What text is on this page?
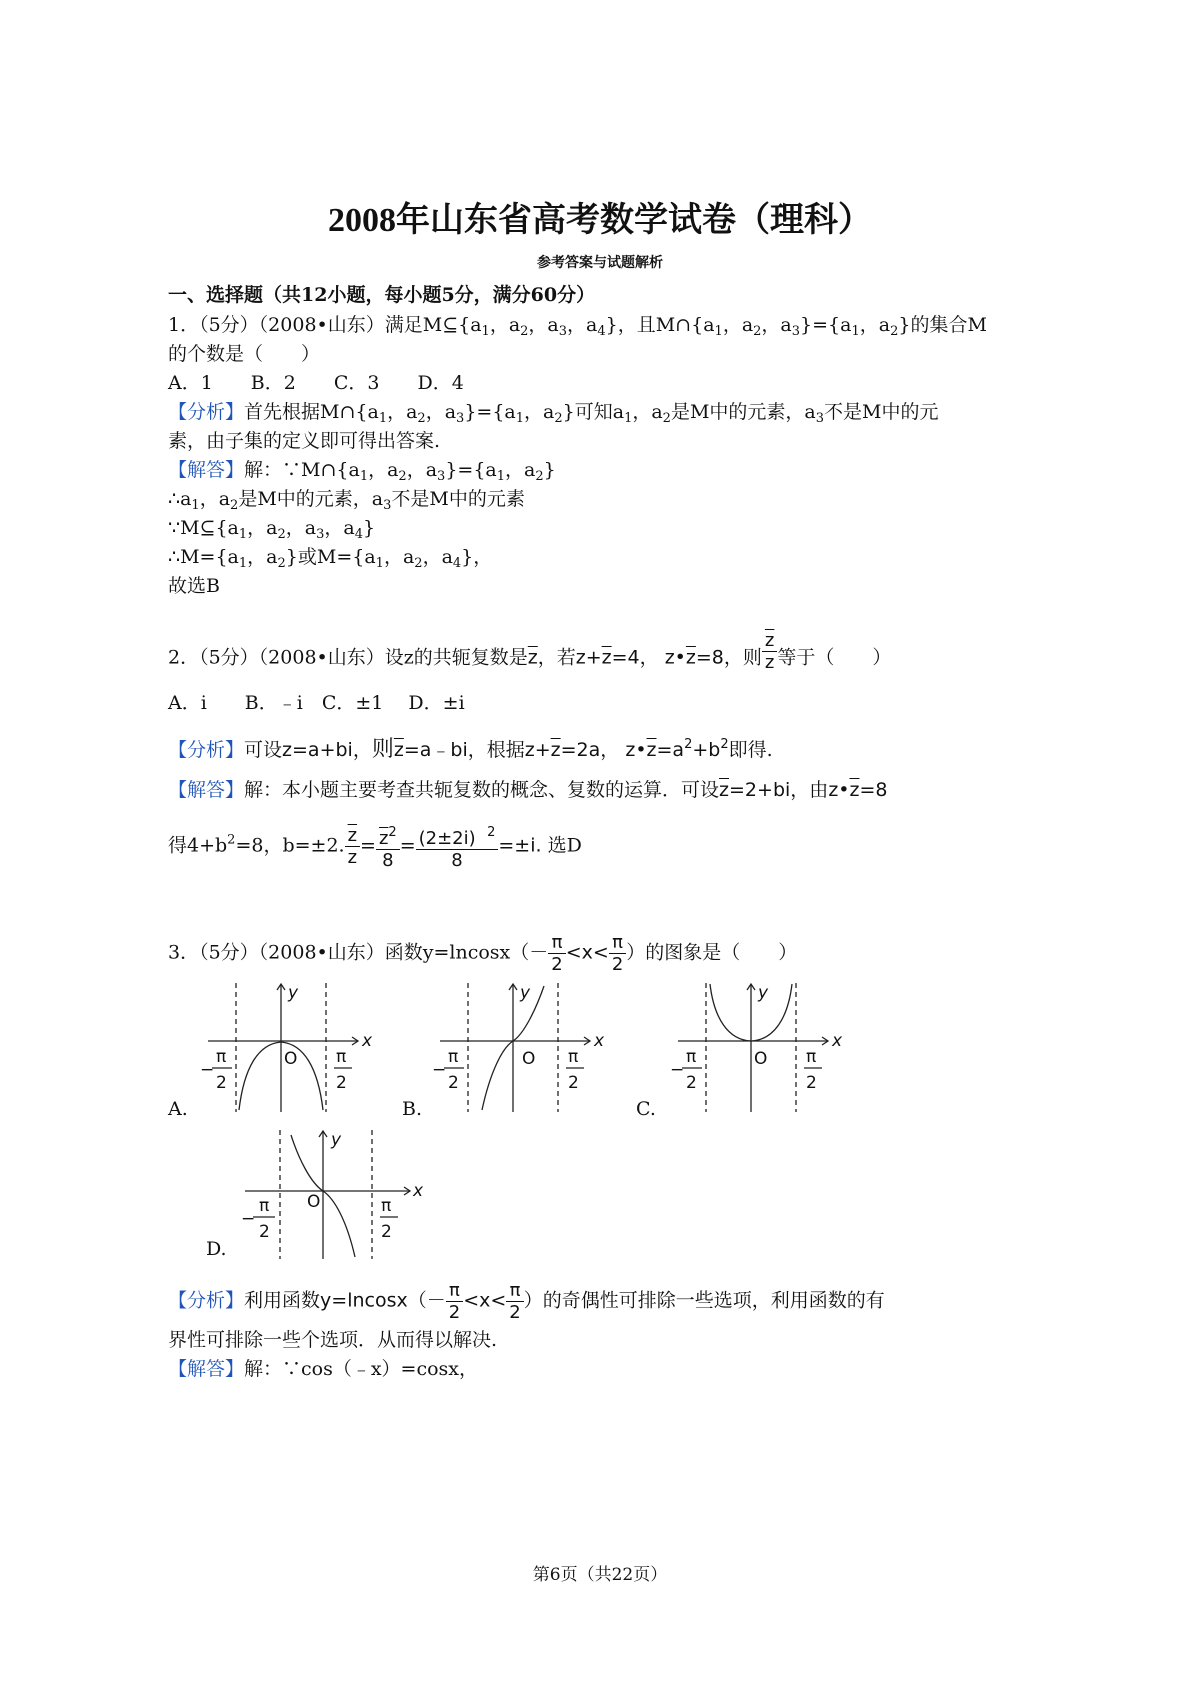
2008年山东省高考数学试卷（理科）
参考答案与试题解析
一、选择题（共12小题，每小题5分，满分60分）
1．（5分）（2008•山东）满足$M⊆\{a_1$，$a_2$，$a_3$，$a_4$}，且$M\cap\{a_1$，$a_2$，$a_3\}=\{a_1$，$a_2$}的集合M
的个数是（　　）
A．1　　B．2　　C．3　　D．4
【分析】首先根据$M\cap\{a_1$，$a_2$，$a_3\}=\{a_1$，$a_2$}可知$a_1$，$a_2$是M中的元素，$a_3$不是M中的元
素，由子集的定义即可得出答案.
【解答】解：$\because M\cap\{a_1$，$a_2$，$a_3\}=\{a_1$，$a_2$}
$\therefore a_1$，$a_2$是M中的元素，$a_3$不是M中的元素
$\because M⊆\{a_1$，$a_2$，$a_3$，$a_4$}
$\therefore M=\{a_1$，$a_2$}或$M=\{a_1$，$a_2$，$a_4$}，
故选B
2．（5分）（2008•山东）设z的共轭复数是$\overline{z}$，若$z+\overline{z}=4$， $z•\overline{z}=8$，则 $\frac{\overline{z}}{z}$ 等于（　　）
A．i　　B．﹣i　C．±1　 D．±i
【分析】可设z=a+bi，则$\overline{z}=a﹣bi$，根据$z+\overline{z}=2a$， $z•\overline{z}=a^2+b^2$即得.
【解答】解：本小题主要考查共轭复数的概念、复数的运算．可设$\overline{z}=2+bi$，由$z•\overline{z}=8$
得$4+b^2=8$，b=±2. $\frac{\overline{z}}{z} = \frac{\overline{z}^2}{8} = \frac{(2\pm 2i) ^2}{8} =\pm i$. 选D
3．（5分）（2008•山东）函数$y=lncosx(- \frac{\pi}{2} <x< \frac{\pi}{2}$ ）的图象是（　　）
x
y
O
π
2
−
π
2
A.
x
y
O
π
2
−
π
2
B.
x
y
O
π
2
−
π
2
C.
x
y
O
π
2
−
π
2
D.
【分析】利用函数$y=lncosx(- \frac{\pi}{2} <x< \frac{\pi}{2}$ ）的奇偶性可排除一些选项，利用函数的有
界性可排除一些个选项．从而得以解决.
【解答】解：∵cos（﹣x）=cosx，
第6页（共22页）
